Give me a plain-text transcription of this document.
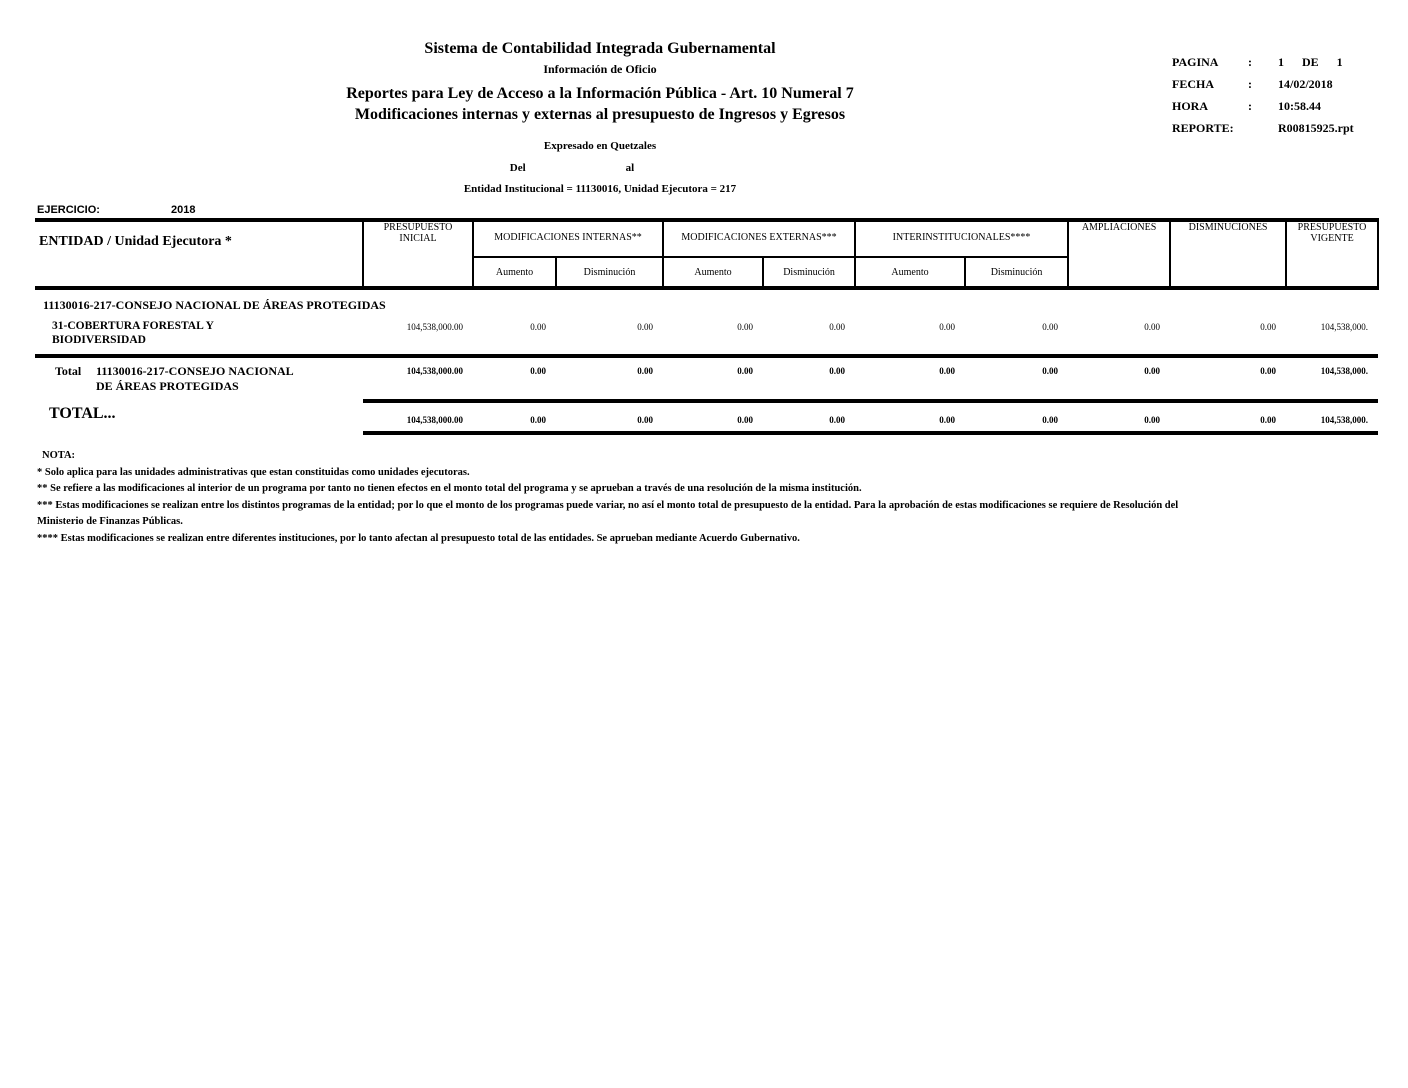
Sistema de Contabilidad Integrada Gubernamental
Información de Oficio
Reportes para Ley de Acceso a la Información Pública - Art. 10 Numeral 7
Modificaciones internas y externas al presupuesto de Ingresos y Egresos
Expresado en Quetzales
Del	al
Entidad Institucional = 11130016, Unidad Ejecutora = 217
PAGINA	:	1 DE 1
FECHA	:	14/02/2018
HORA	:	10:58.44
REPORTE:	R00815925.rpt
EJERCICIO:	2018
ENTIDAD / Unidad Ejecutora *	PRESUPUESTO INICIAL	MODIFICACIONES INTERNAS**		MODIFICACIONES EXTERNAS***		INTERINSTITUCIONALES****		AMPLIACIONES	DISMINUCIONES	PRESUPUESTO VIGENTE
		Aumento	Disminución	Aumento	Disminución	Aumento	Disminución			
11130016-217-CONSEJO NACIONAL DE ÁREAS PROTEGIDAS										

31-COBERTURA FORESTAL Y BIODIVERSIDAD	104,538,000.00	0.00	0.00	0.00	0.00	0.00	0.00	0.00	0.00	104,538,000.

Total 11130016-217-CONSEJO NACIONAL DE ÁREAS PROTEGIDAS	104,538,000.00	0.00	0.00	0.00	0.00	0.00	0.00	0.00	0.00	104,538,000.
TOTAL...	104,538,000.00	0.00	0.00	0.00	0.00	0.00	0.00	0.00	0.00	104,538,000.
NOTA:
* Solo aplica para las unidades administrativas que estan constituidas como unidades ejecutoras.
** Se refiere a las modificaciones al interior de un programa por tanto no tienen efectos en el monto total del programa y se aprueban a través de una resolución de la misma institución.
*** Estas modificaciones se realizan entre los distintos programas de la entidad; por lo que el monto de los programas puede variar, no así el monto total de presupuesto de la entidad. Para la aprobación de estas modificaciones se requiere de Resolución del Ministerio de Finanzas Públicas.
**** Estas modificaciones se realizan entre diferentes instituciones, por lo tanto afectan al presupuesto total de las entidades. Se aprueban mediante Acuerdo Gubernativo.
